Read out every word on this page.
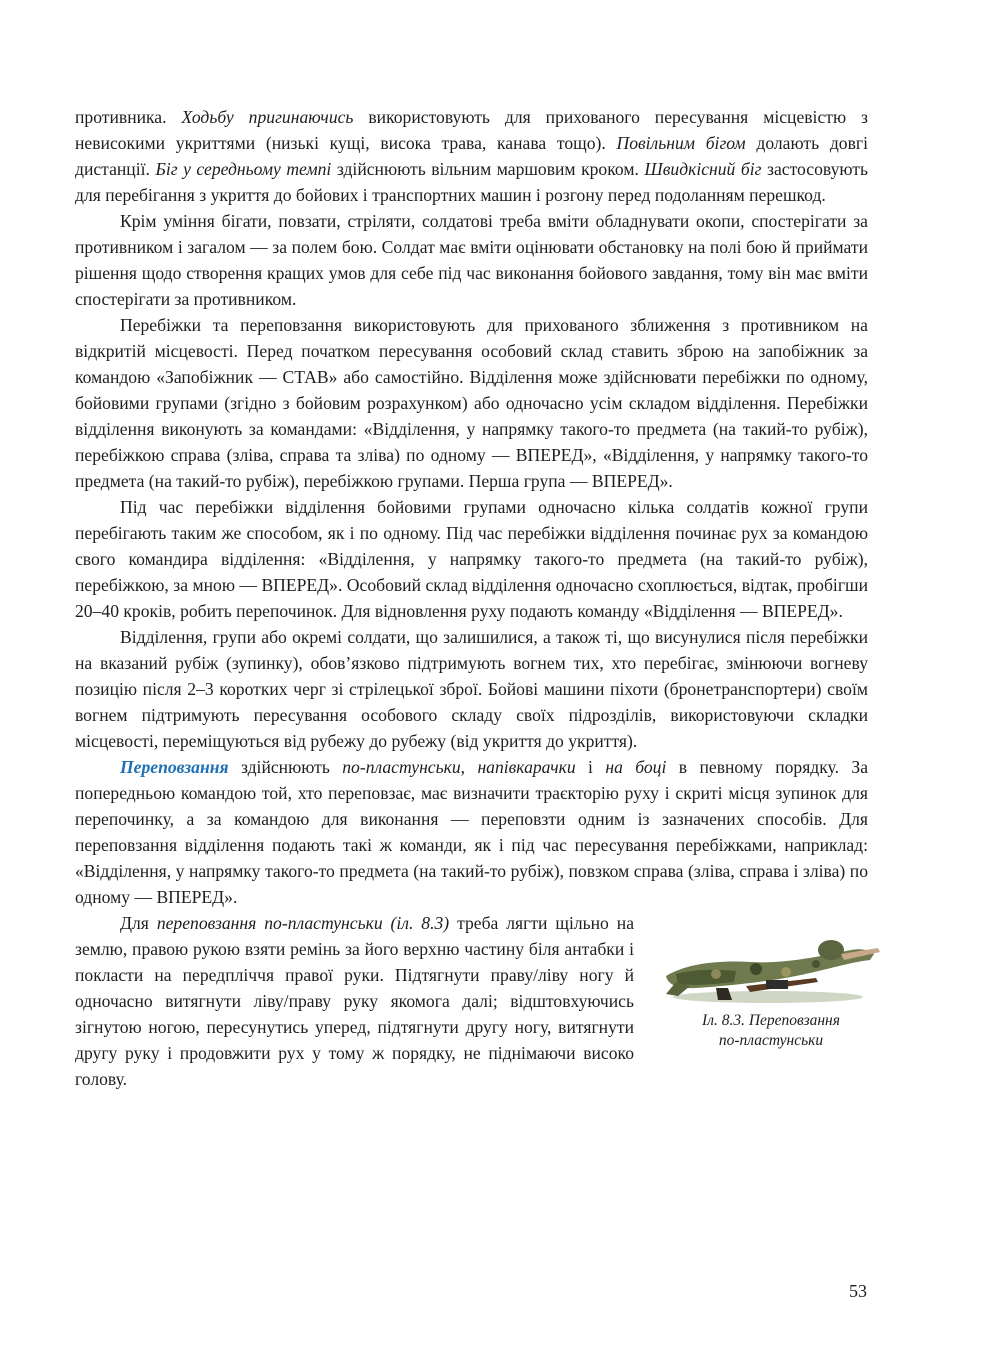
противника. Ходьбу пригинаючись використовують для прихованого пересування місцевістю з невисокими укриттями (низькі кущі, висока трава, канава тощо). Повільним бігом долають довгі дистанції. Біг у середньому темпі здійснюють вільним маршовим кроком. Швидкісний біг застосовують для перебігання з укриття до бойових і транспортних машин і розгону перед подоланням перешкод.

Крім уміння бігати, повзати, стріляти, солдатові треба вміти обладнувати окопи, спостерігати за противником і загалом — за полем бою. Солдат має вміти оцінювати обстановку на полі бою й приймати рішення щодо створення кращих умов для себе під час виконання бойового завдання, тому він має вміти спостерігати за противником.

Перебіжки та переповзання використовують для прихованого зближення з противником на відкритій місцевості. Перед початком пересування особовий склад ставить зброю на запобіжник за командою «Запобіжник — СТАВ» або самостійно. Відділення може здійснювати перебіжки по одному, бойовими групами (згідно з бойовим розрахунком) або одночасно усім складом відділення. Перебіжки відділення виконують за командами: «Відділення, у напрямку такого-то предмета (на такий-то рубіж), перебіжкою справа (зліва, справа та зліва) по одному — ВПЕРЕД», «Відділення, у напрямку такого-то предмета (на такий-то рубіж), перебіжкою групами. Перша група — ВПЕРЕД».

Під час перебіжки відділення бойовими групами одночасно кілька солдатів кожної групи перебігають таким же способом, як і по одному. Під час перебіжки відділення починає рух за командою свого командира відділення: «Відділення, у напрямку такого-то предмета (на такий-то рубіж), перебіжкою, за мною — ВПЕРЕД». Особовий склад відділення одночасно схоплюється, відтак, пробігши 20–40 кроків, робить перепочинок. Для відновлення руху подають команду «Відділення — ВПЕРЕД».

Відділення, групи або окремі солдати, що залишилися, а також ті, що висунулися після перебіжки на вказаний рубіж (зупинку), обов’язково підтримують вогнем тих, хто перебігає, змінюючи вогневу позицію після 2–3 коротких черг зі стрілецької зброї. Бойові машини піхоти (бронетранспортери) своїм вогнем підтримують пересування особового складу своїх підрозділів, використовуючи складки місцевості, переміщуються від рубежу до рубежу (від укриття до укриття).

Переповзання здійснюють по-пластунськи, напівкарачки і на боці в певному порядку. За попередньою командою той, хто переповзає, має визначити траєкторію руху і скриті місця зупинок для перепочинку, а за командою для виконання — переповзти одним із зазначених способів. Для переповзання відділення подають такі ж команди, як і під час пересування перебіжками, наприклад: «Відділення, у напрямку такого-то предмета (на такий-то рубіж), повзком справа (зліва, справа і зліва) по одному — ВПЕРЕД».

Іл. 8.3. Переповзання
по-пластунськи

Для переповзання по-пластунськи (іл. 8.3) треба лягти щільно на землю, правою рукою взяти ремінь за його верхню частину біля антабки і покласти на передпліччя правої руки. Підтягнути праву/ліву ногу й одночасно витягнути ліву/праву руку якомога далі; відштовхуючись зігнутою ногою, пересунутись уперед, підтягнути другу ногу, витягнути другу руку і продовжити рух у тому ж порядку, не піднімаючи високо голову.

53
